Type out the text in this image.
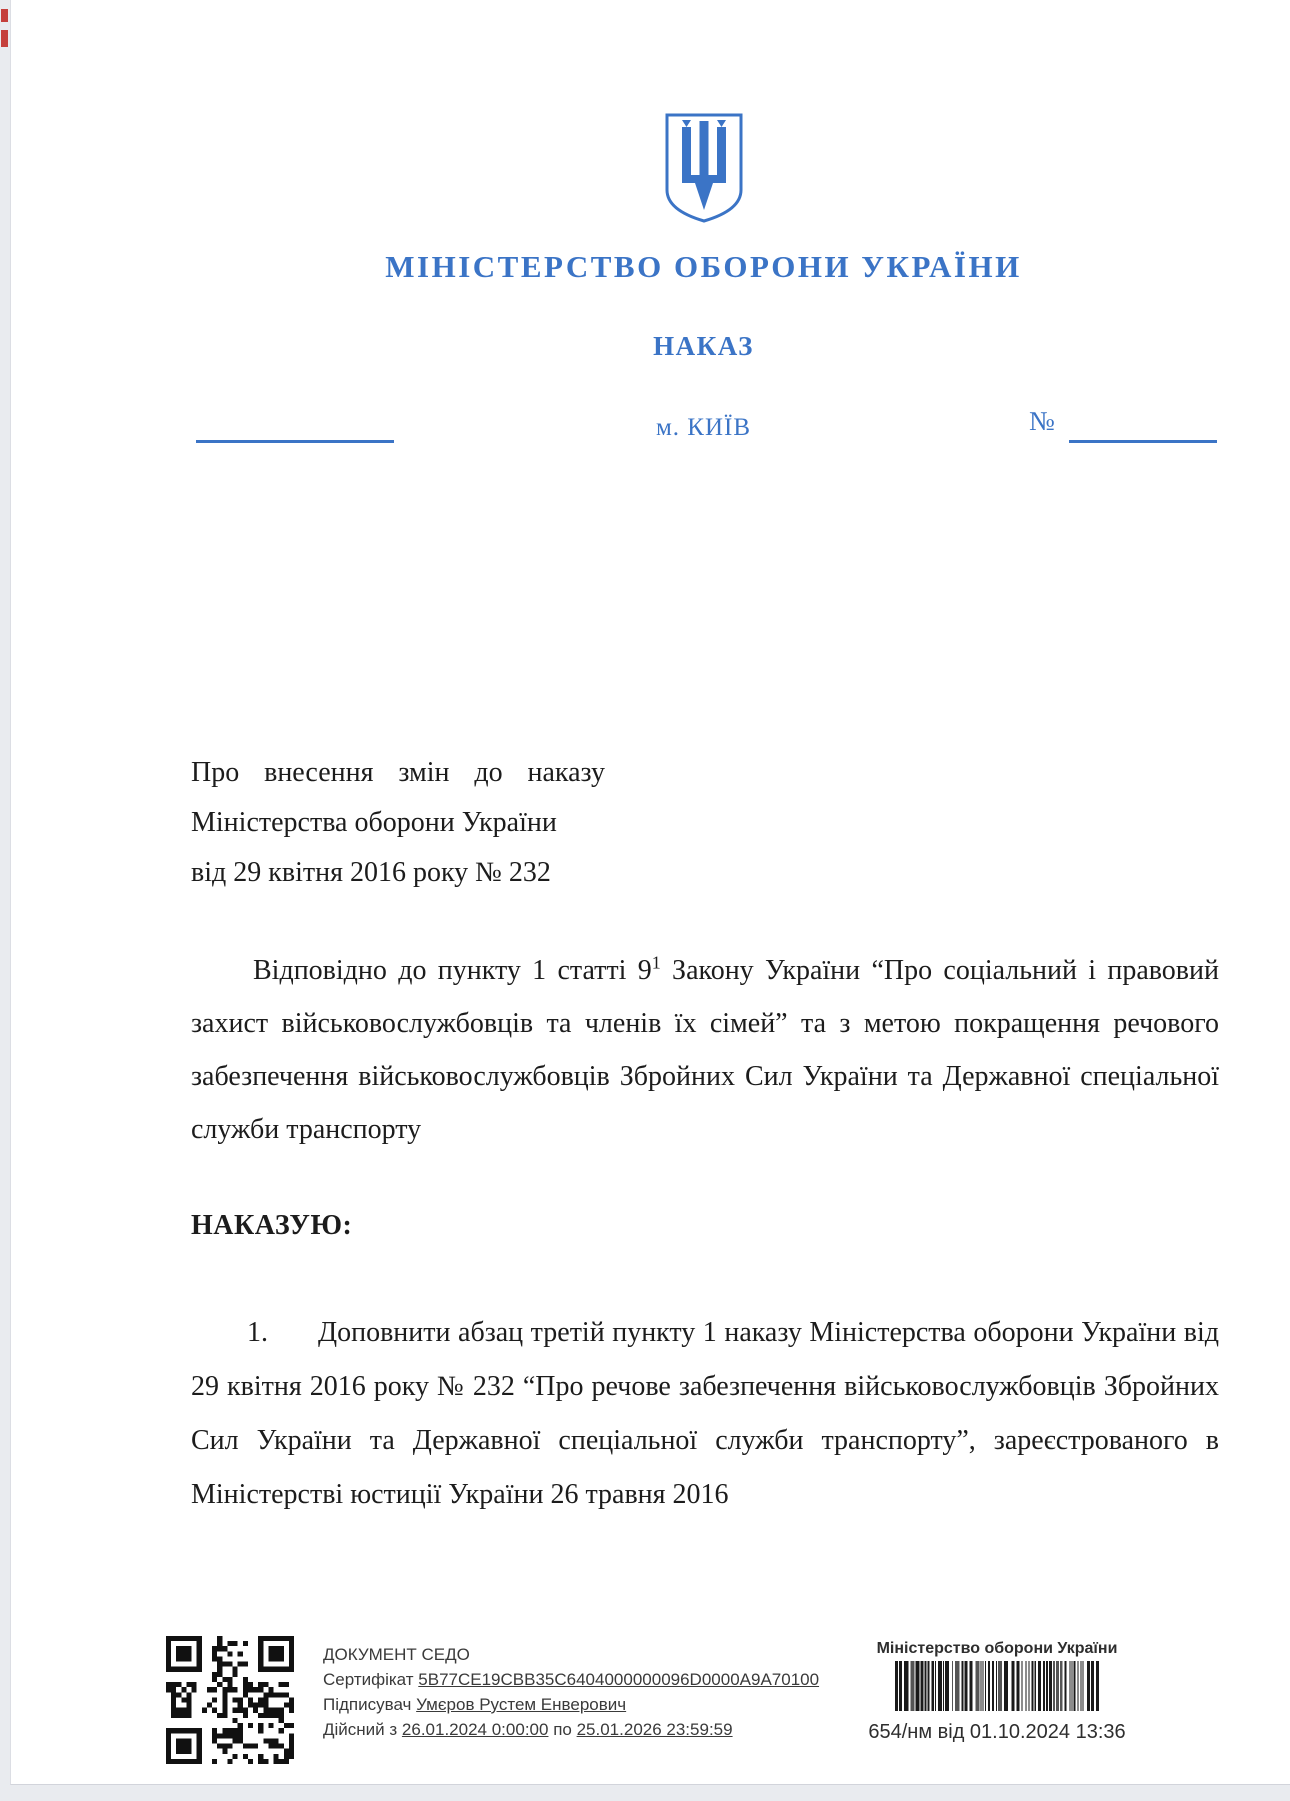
МІНІСТЕРСТВО ОБОРОНИ УКРАЇНИ
НАКАЗ
м. КИЇВ	№
Про внесення змін до наказу
Міністерства оборони України
від 29 квітня 2016 року № 232

Відповідно до пункту 1 статті $9^1$ Закону України “Про соціальний і правовий захист військовослужбовців та членів їх сімей” та з метою покращення речового забезпечення військовослужбовців Збройних Сил України та Державної спеціальної служби транспорту

НАКАЗУЮ:

1. Доповнити абзац третій пункту 1 наказу Міністерства оборони України від 29 квітня 2016 року № 232 “Про речове забезпечення військовослужбовців Збройних Сил України та Державної спеціальної служби транспорту”, зареєстрованого в Міністерстві юстиції України 26 травня 2016

ДОКУМЕНТ СЕДО
Сертифікат 5B77CE19CBB35C6404000000096D0000A9A70100
Підписувач Умєров Рустем Енверович
Дійсний з 26.01.2024 0:00:00 по 25.01.2026 23:59:59
Міністерство оборони України
654/нм від 01.10.2024 13:36
